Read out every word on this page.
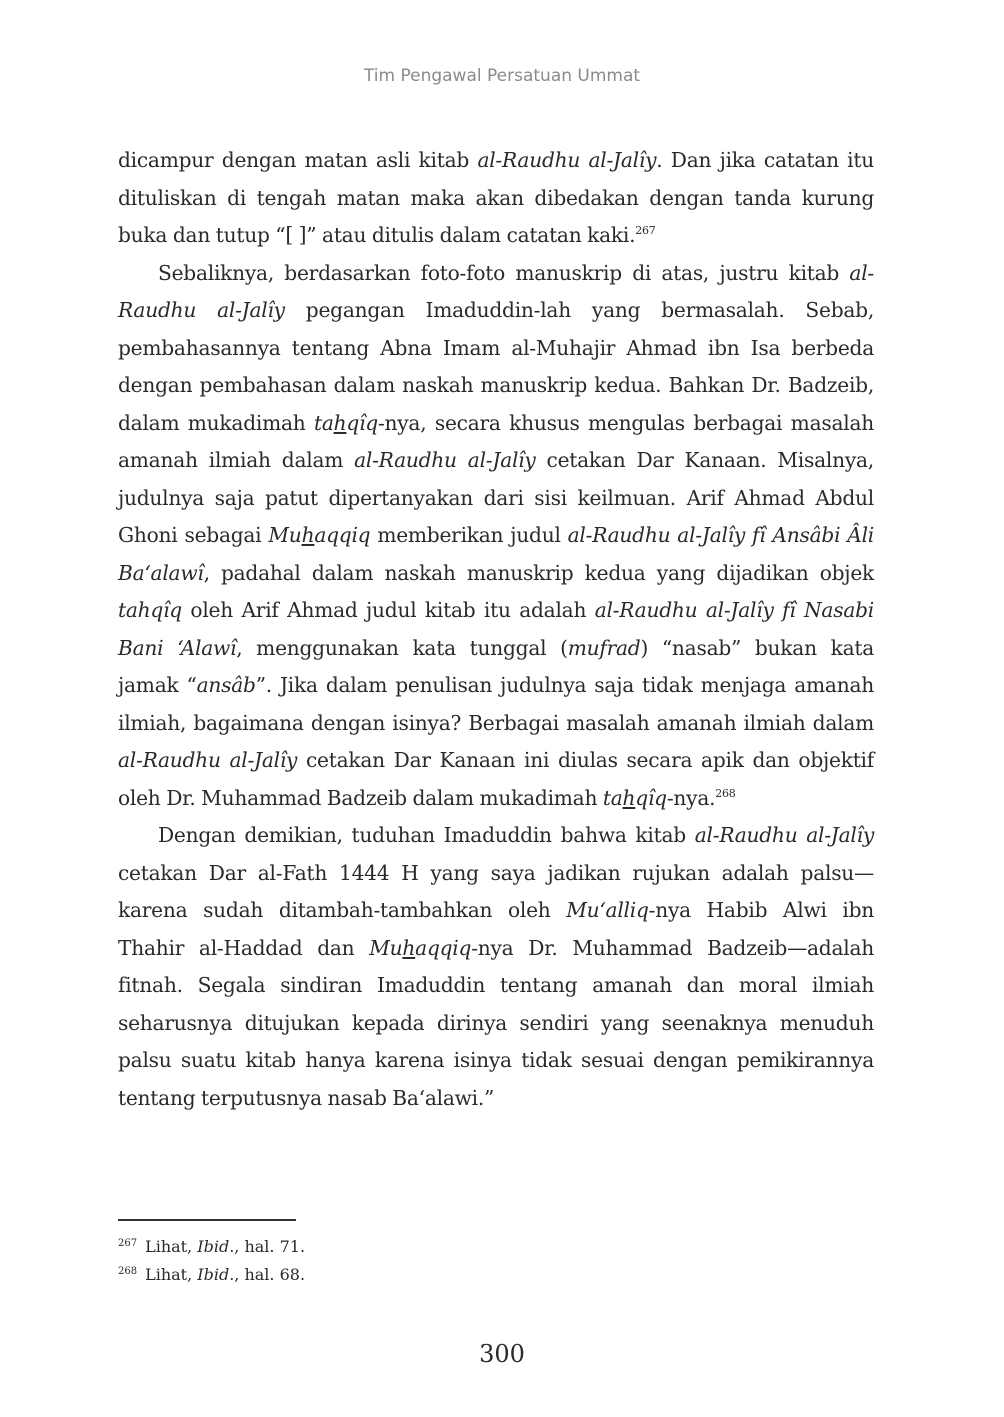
Tim Pengawal Persatuan Ummat

dicampur dengan matan asli kitab al-Raudhu al-Jalîy. Dan jika catatan itu dituliskan di tengah matan maka akan dibedakan dengan tanda kurung buka dan tutup “[ ]” atau ditulis dalam catatan kaki.$^{267}$

Sebaliknya, berdasarkan foto-foto manuskrip di atas, justru kitab al-Raudhu al-Jalîy pegangan Imaduddin-lah yang bermasalah. Sebab, pembahasannya tentang Abna Imam al-Muhajir Ahmad ibn Isa berbeda dengan pembahasan dalam naskah manuskrip kedua. Bahkan Dr. Badzeib, dalam mukadimah tahqîq-nya, secara khusus mengulas berbagai masalah amanah ilmiah dalam al-Raudhu al-Jalîy cetakan Dar Kanaan. Misalnya, judulnya saja patut dipertanyakan dari sisi keilmuan. Arif Ahmad Abdul Ghoni sebagai Muhaqqiq memberikan judul al-Raudhu al-Jalîy fî Ansâbi Âli Ba‘alawî, padahal dalam naskah manuskrip kedua yang dijadikan objek tahqîq oleh Arif Ahmad judul kitab itu adalah al-Raudhu al-Jalîy fî Nasabi Bani ‘Alawî, menggunakan kata tunggal (mufrad) “nasab” bukan kata jamak “ansâb”. Jika dalam penulisan judulnya saja tidak menjaga amanah ilmiah, bagaimana dengan isinya? Berbagai masalah amanah ilmiah dalam al-Raudhu al-Jalîy cetakan Dar Kanaan ini diulas secara apik dan objektif oleh Dr. Muhammad Badzeib dalam mukadimah tahqîq-nya.$^{268}$

Dengan demikian, tuduhan Imaduddin bahwa kitab al-Raudhu al-Jalîy cetakan Dar al-Fath 1444 H yang saya jadikan rujukan adalah palsu—karena sudah ditambah-tambahkan oleh Mu‘alliq-nya Habib Alwi ibn Thahir al-Haddad dan Muhaqqiq-nya Dr. Muhammad Badzeib—adalah fitnah. Segala sindiran Imaduddin tentang amanah dan moral ilmiah seharusnya ditujukan kepada dirinya sendiri yang seenaknya menuduh palsu suatu kitab hanya karena isinya tidak sesuai dengan pemikirannya tentang terputusnya nasab Ba‘alawi.”

$^{267}$ Lihat, Ibid., hal. 71.
$^{268}$ Lihat, Ibid., hal. 68.
300
